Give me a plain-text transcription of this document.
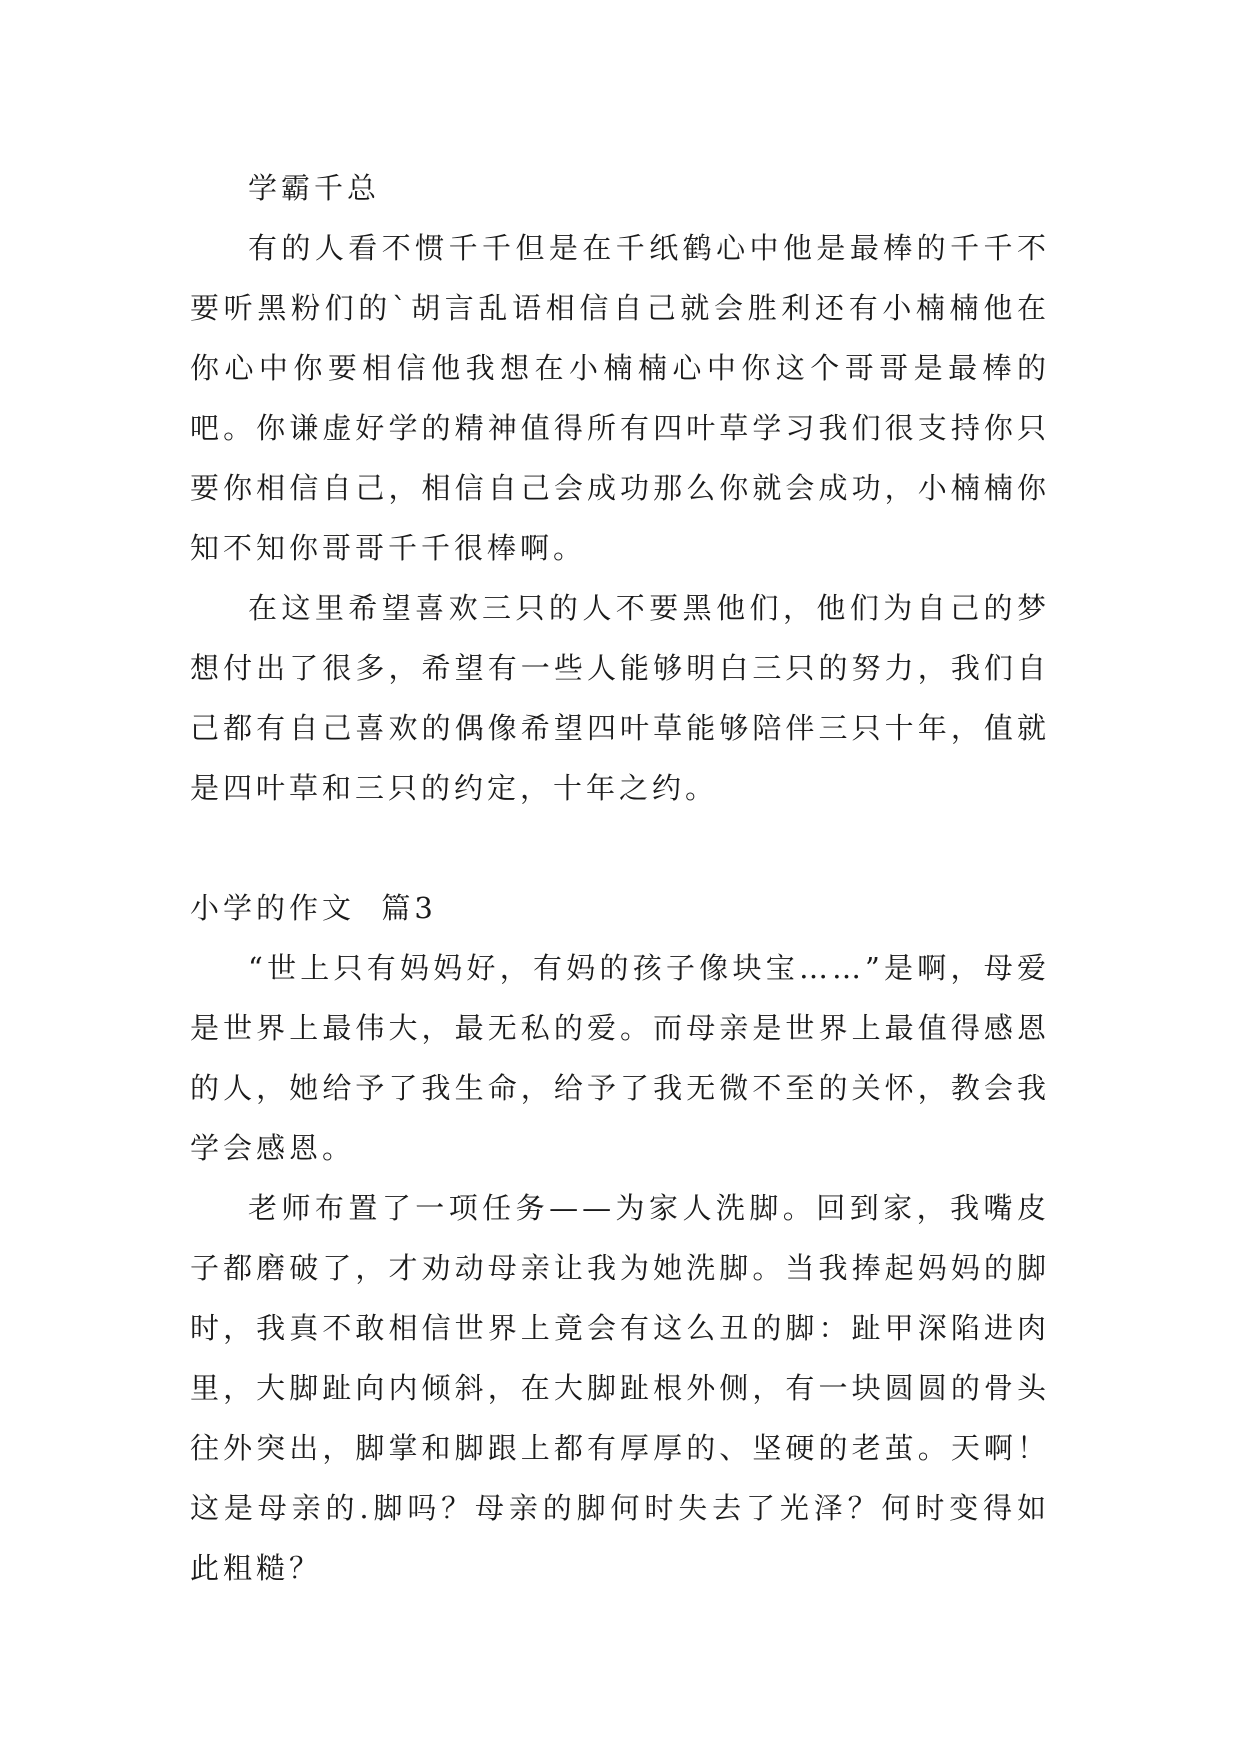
学霸千总

有的人看不惯千千但是在千纸鹤心中他是最棒的千千不要听黑粉们的`胡言乱语相信自己就会胜利还有小楠楠他在你心中你要相信他我想在小楠楠心中你这个哥哥是最棒的吧。你谦虚好学的精神值得所有四叶草学习我们很支持你只要你相信自己，相信自己会成功那么你就会成功，小楠楠你知不知你哥哥千千很棒啊。

在这里希望喜欢三只的人不要黑他们，他们为自己的梦想付出了很多，希望有一些人能够明白三只的努力，我们自己都有自己喜欢的偶像希望四叶草能够陪伴三只十年，值就是四叶草和三只的约定，十年之约。

小学的作文  篇3

“世上只有妈妈好，有妈的孩子像块宝……”是啊，母爱是世界上最伟大，最无私的爱。而母亲是世界上最值得感恩的人，她给予了我生命，给予了我无微不至的关怀，教会我学会感恩。

老师布置了一项任务——为家人洗脚。回到家，我嘴皮子都磨破了，才劝动母亲让我为她洗脚。当我捧起妈妈的脚时，我真不敢相信世界上竟会有这么丑的脚：趾甲深陷进肉里，大脚趾向内倾斜，在大脚趾根外侧，有一块圆圆的骨头往外突出，脚掌和脚跟上都有厚厚的、坚硬的老茧。天啊！这是母亲的.脚吗？母亲的脚何时失去了光泽？何时变得如此粗糙？
